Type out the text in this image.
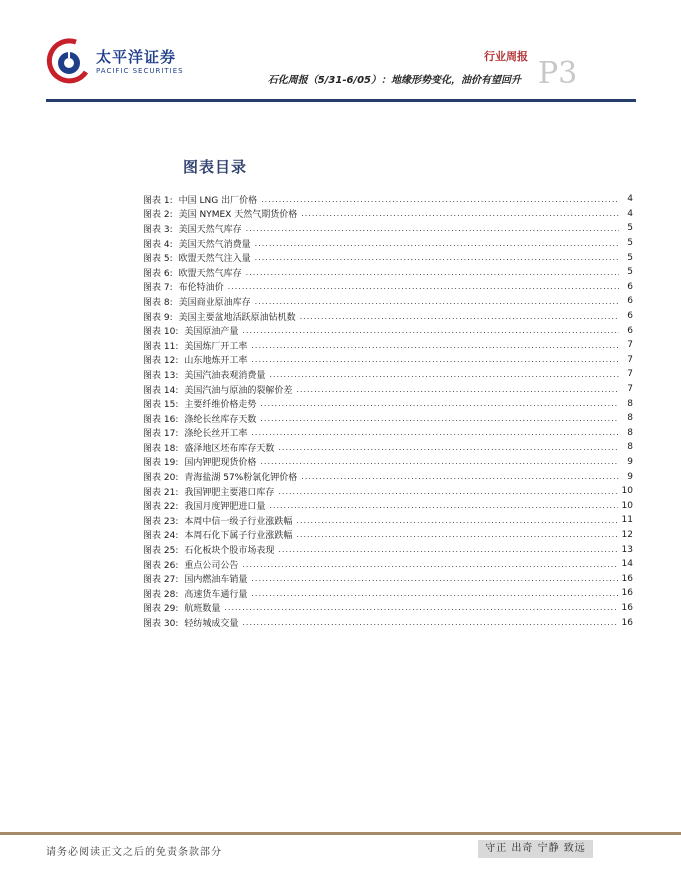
太平洋证券
PACIFIC SECURITIES
行业周报
石化周报（5/31-6/05）：地缘形势变化，油价有望回升 P3
图表目录
图表 1: 中国 LNG 出厂价格 .....	4
图表 2: 美国 NYMEX 天然气期货价格 .....	4
图表 3: 美国天然气库存 .....	5
图表 4: 美国天然气消费量 .....	5
图表 5: 欧盟天然气注入量 .....	5
图表 6: 欧盟天然气库存 .....	5
图表 7: 布伦特油价 .....	6
图表 8: 美国商业原油库存 .....	6
图表 9: 美国主要盆地活跃原油钻机数 .....	6
图表 10: 美国原油产量 .....	6
图表 11: 美国炼厂开工率 .....	7
图表 12: 山东地炼开工率 .....	7
图表 13: 美国汽油表观消费量 .....	7
图表 14: 美国汽油与原油的裂解价差 .....	7
图表 15: 主要纤维价格走势 .....	8
图表 16: 涤纶长丝库存天数 .....	8
图表 17: 涤纶长丝开工率 .....	8
图表 18: 盛泽地区坯布库存天数 .....	8
图表 19: 国内钾肥现货价格 .....	9
图表 20: 青海盐湖 57%粉氯化钾价格 .....	9
图表 21: 我国钾肥主要港口库存 .....	10
图表 22: 我国月度钾肥进口量 .....	10
图表 23: 本周中信一级子行业涨跌幅 .....	11
图表 24: 本周石化下属子行业涨跌幅 .....	12
图表 25: 石化板块个股市场表现 .....	13
图表 26: 重点公司公告 .....	14
图表 27: 国内燃油车销量 .....	16
图表 28: 高速货车通行量 .....	16
图表 29: 航班数量 .....	16
图表 30: 轻纺城成交量 .....	16
请务必阅读正文之后的免责条款部分	守正 出奇 宁静 致远
